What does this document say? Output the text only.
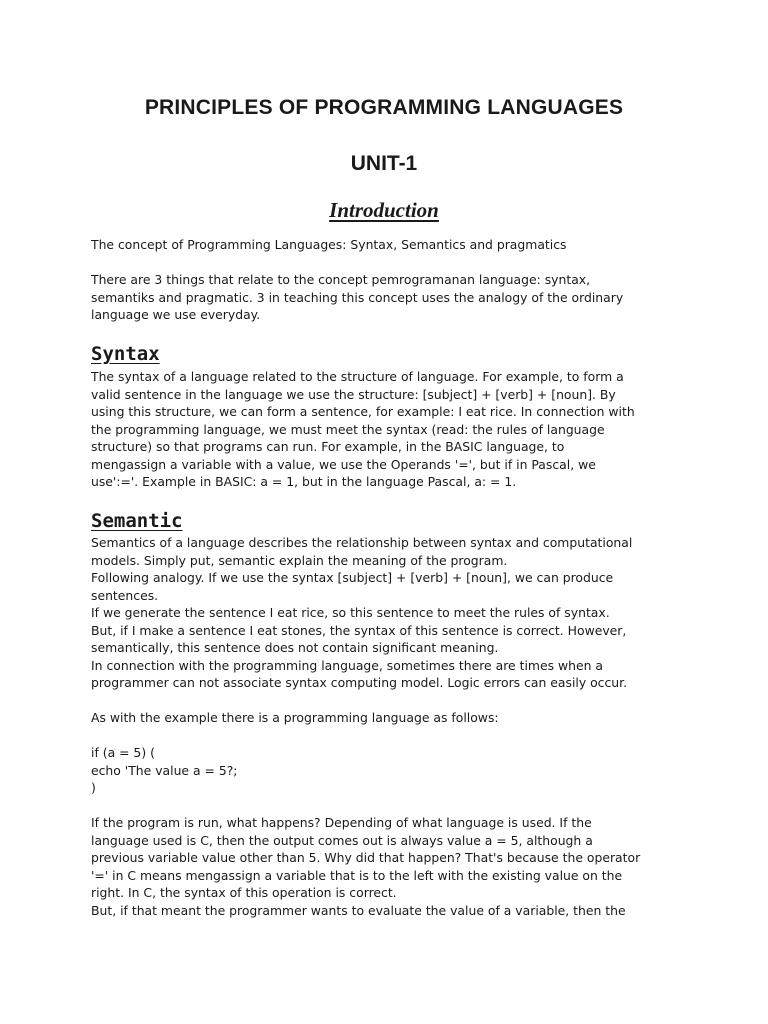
PRINCIPLES OF PROGRAMMING LANGUAGES
UNIT-1
Introduction

The concept of Programming Languages: Syntax, Semantics and pragmatics

There are 3 things that relate to the concept pemrogramanan language: syntax,
semantiks and pragmatic. 3 in teaching this concept uses the analogy of the ordinary
language we use everyday.

Syntax

The syntax of a language related to the structure of language. For example, to form a
valid sentence in the language we use the structure: [subject] + [verb] + [noun]. By
using this structure, we can form a sentence, for example: I eat rice. In connection with
the programming language, we must meet the syntax (read: the rules of language
structure) so that programs can run. For example, in the BASIC language, to
mengassign a variable with a value, we use the Operands '=', but if in Pascal, we
use':='. Example in BASIC: a = 1, but in the language Pascal, a: = 1.

Semantic

Semantics of a language describes the relationship between syntax and computational
models. Simply put, semantic explain the meaning of the program.
Following analogy. If we use the syntax [subject] + [verb] + [noun], we can produce
sentences.
If we generate the sentence I eat rice, so this sentence to meet the rules of syntax.
But, if I make a sentence I eat stones, the syntax of this sentence is correct. However,
semantically, this sentence does not contain significant meaning.
In connection with the programming language, sometimes there are times when a
programmer can not associate syntax computing model. Logic errors can easily occur.
As with the example there is a programming language as follows:
if (a = 5) (
echo 'The value a = 5?;
)
If the program is run, what happens? Depending of what language is used. If the
language used is C, then the output comes out is always value a = 5, although a
previous variable value other than 5. Why did that happen? That's because the operator
'=' in C means mengassign a variable that is to the left with the existing value on the
right. In C, the syntax of this operation is correct.
But, if that meant the programmer wants to evaluate the value of a variable, then the
